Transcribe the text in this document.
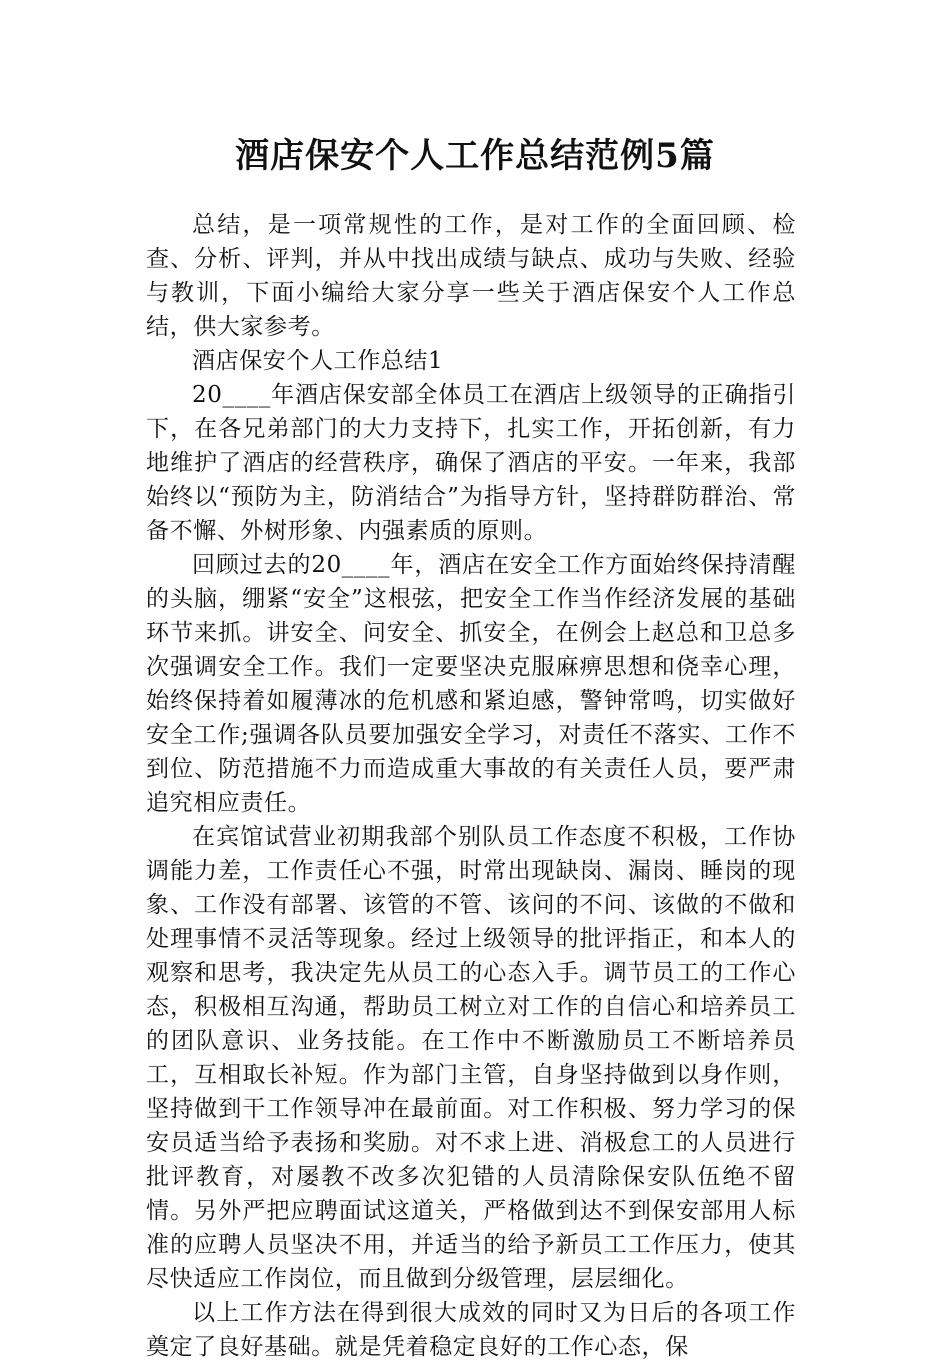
酒店保安个人工作总结范例5篇

总结，是一项常规性的工作，是对工作的全面回顾、检查、分析、评判，并从中找出成绩与缺点、成功与失败、经验与教训，下面小编给大家分享一些关于酒店保安个人工作总结，供大家参考。

酒店保安个人工作总结1

20____年酒店保安部全体员工在酒店上级领导的正确指引下，在各兄弟部门的大力支持下，扎实工作，开拓创新，有力地维护了酒店的经营秩序，确保了酒店的平安。一年来，我部始终以“预防为主，防消结合”为指导方针，坚持群防群治、常备不懈、外树形象、内强素质的原则。

回顾过去的20____年，酒店在安全工作方面始终保持清醒的头脑，绷紧“安全”这根弦，把安全工作当作经济发展的基础环节来抓。讲安全、问安全、抓安全，在例会上赵总和卫总多次强调安全工作。我们一定要坚决克服麻痹思想和侥幸心理，始终保持着如履薄冰的危机感和紧迫感，警钟常鸣，切实做好安全工作;强调各队员要加强安全学习，对责任不落实、工作不到位、防范措施不力而造成重大事故的有关责任人员，要严肃追究相应责任。

在宾馆试营业初期我部个别队员工作态度不积极，工作协调能力差，工作责任心不强，时常出现缺岗、漏岗、睡岗的现象、工作没有部署、该管的不管、该问的不问、该做的不做和处理事情不灵活等现象。经过上级领导的批评指正，和本人的观察和思考，我决定先从员工的心态入手。调节员工的工作心态，积极相互沟通，帮助员工树立对工作的自信心和培养员工的团队意识、业务技能。在工作中不断激励员工不断培养员工，互相取长补短。作为部门主管，自身坚持做到以身作则，坚持做到干工作领导冲在最前面。对工作积极、努力学习的保安员适当给予表扬和奖励。对不求上进、消极怠工的人员进行批评教育，对屡教不改多次犯错的人员清除保安队伍绝不留情。另外严把应聘面试这道关，严格做到达不到保安部用人标准的应聘人员坚决不用，并适当的给予新员工工作压力，使其尽快适应工作岗位，而且做到分级管理，层层细化。

以上工作方法在得到很大成效的同时又为日后的各项工作奠定了良好基础。就是凭着稳定良好的工作心态，保
